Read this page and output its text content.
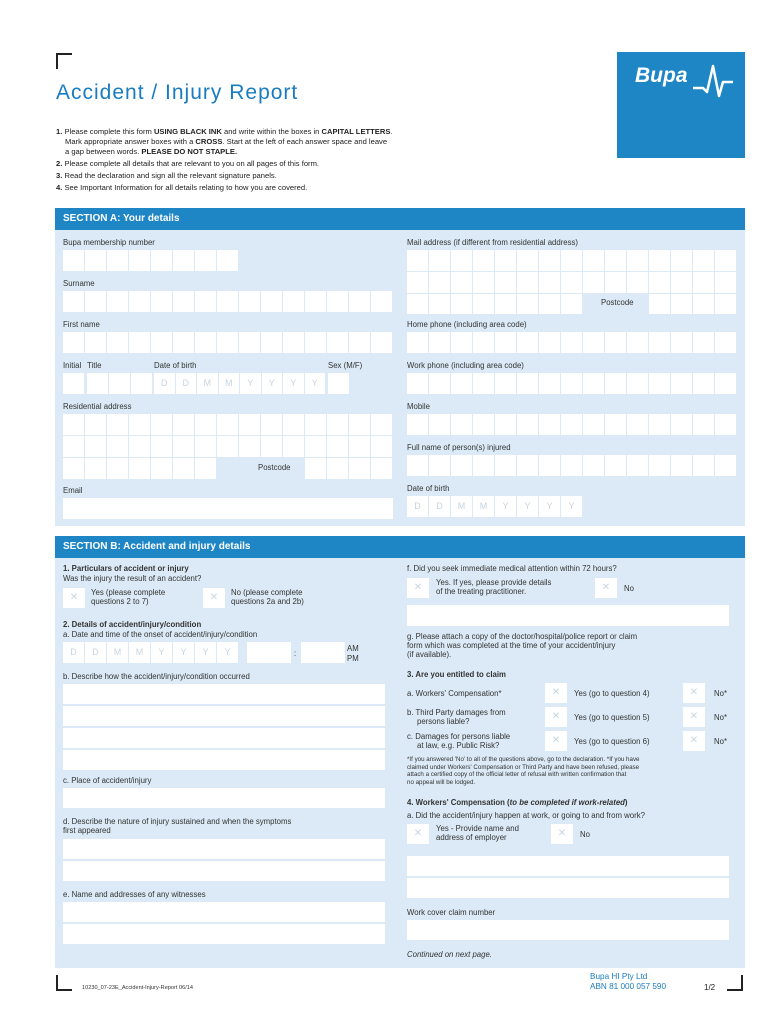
Bupa
Accident / Injury Report
1. Please complete this form USING BLACK INK and write within the boxes in CAPITAL LETTERS.
Mark appropriate answer boxes with a CROSS. Start at the left of each answer space and leave
a gap between words. PLEASE DO NOT STAPLE.
2. Please complete all details that are relevant to you on all pages of this form.
3. Read the declaration and sign all the relevant signature panels.
4. See Important Information for all details relating to how you are covered.
SECTION A: Your details
Bupa membership number
Surname
First name
Initial Title	Date of birth	Sex (M/F)
D	D	M	M	Y	Y	Y	Y
Residential address
Postcode
Email
Mail address (if different from residential address)
Postcode
Home phone (including area code)
Work phone (including area code)
Mobile
Full name of person(s) injured
Date of birth
D	D	M	M	Y	Y	Y	Y
SECTION B: Accident and injury details
1. Particulars of accident or injury
Was the injury the result of an accident?
✕	Yes (please complete
questions 2 to 7)	✕	No (please complete
questions 2a and 2b)
2. Details of accident/injury/condition
a. Date and time of the onset of accident/injury/condition
D	D	M	M	Y	Y	Y	Y	:
AM
PM
b. Describe how the accident/injury/condition occurred
c. Place of accident/injury
d. Describe the nature of injury sustained and when the symptoms
first appeared
e. Name and addresses of any witnesses
f. Did you seek immediate medical attention within 72 hours?
✕	Yes. If yes, please provide details
of the treating practitioner.	✕	No
g. Please attach a copy of the doctor/hospital/police report or claim
form which was completed at the time of your accident/injury
(if available).
3. Are you entitled to claim
a. Workers' Compensation*	✕	Yes (go to question 4)	✕	No*
b. Third Party damages from
persons liable?	✕	Yes (go to question 5)	✕	No*
c. Damages for persons liable
at law, e.g. Public Risk?	✕	Yes (go to question 6)	✕	No*
*If you answered 'No' to all of the questions above, go to the declaration. *If you have
claimed under Workers' Compensation or Third Party and have been refused, please
attach a certified copy of the official letter of refusal with written confirmation that
no appeal will be lodged.
4. Workers' Compensation (to be completed if work-related)
a. Did the accident/injury happen at work, or going to and from work?
✕	Yes - Provide name and
address of employer	✕	No
Work cover claim number
Continued on next page.
10230_07-23E_Accident-Injury-Report 06/14
Bupa HI Pty Ltd
ABN 81 000 057 590	1/2
